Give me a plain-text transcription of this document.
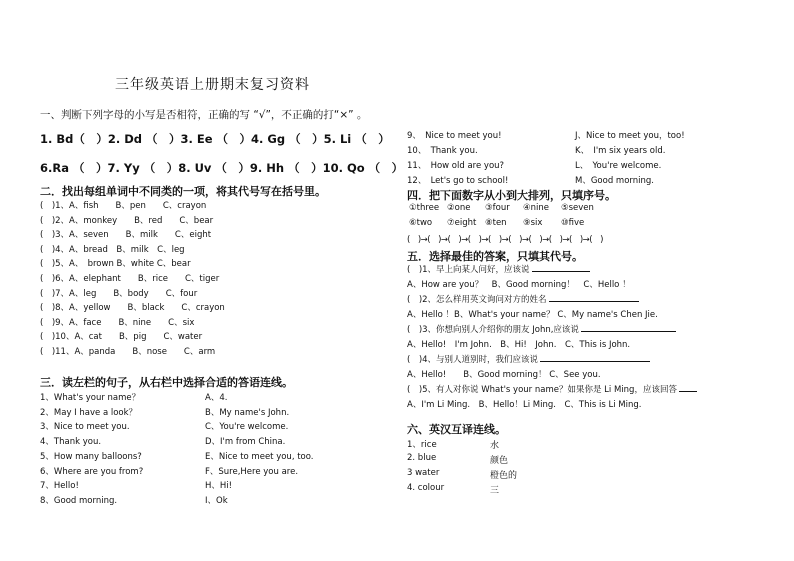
三年级英语上册期末复习资料
一、判断下列字母的小写是否相符，正确的写 “√”，不正确的打“×” 。
1. Bd（　）2. Dd （　）3. Ee （　）4. Gg （　）5. Li （　）
6.Ra （　）7. Yy （　）8. Uv （　）9. Hh （　）10. Qo （　）
二．找出每组单词中不同类的一项，将其代号写在括号里。
(　)1、A、fish　　B、pen　　C、crayon
(　)2、A、monkey　　B、red　　C、bear
(　)3、A、seven　　B、milk　　C、eight
(　)4、A、bread　B、milk　C、leg
(　)5、A、　brown B、white C、bear
(　)6、A、elephant　　B、rice　　C、tiger
(　)7、A、leg　　B、body　　C、four
(　)8、A、yellow　　B、black　　C、crayon
(　)9、A、face　　B、nine　　C、six
(　)10、A、cat　　B、pig　　C、water
(　)11、A、panda　　B、nose　　C、arm
三．读左栏的句子，从右栏中选择合适的答语连线。
1、What's your name？
2、May I have a look？
3、Nice to meet you.
4、Thank you.
5、How many balloons?
6、Where are you from?
7、Hello!
8、Good morning.
A、4.
B、My name's John.
C、You're welcome.
D、I'm from China.
E、Nice to meet you, too.
F、Sure,Here you are.
H、Hi!
I、Ok
9、　Nice to meet you!
10、　Thank you.
11、　How old are you?
12、　Let's go to school!
J、Nice to meet you，too!
K、　I'm six years old.
L、　You're welcome.
M、Good morning.
四．把下面数字从小到大排列，只填序号。
①three ②one ③four ④nine ⑤seven
⑥two ⑦eight ⑧ten ⑨six ⑩five
(　)→(　)→(　)→(　)→(　)→(　)→(　)→(　)→(　)→(　)
五．选择最佳的答案，只填其代号。
(　)1、早上向某人问好，应该说
A、How are you？　B、Good morning！　C、Hello ！
(　)2、怎么样用英文询问对方的姓名
A、Hello ！B、What's your name？ C、My name's Chen Jie.
(　)3、你想向别人介绍你的朋友 John,应该说
A、Hello!　I'm John.　B、Hi!　John.　C、This is John.
(　)4、与别人道别时，我们应该说
A、Hello!　　B、Good morning！ C、See you.
(　)5、有人对你说 What's your name？如果你是 Li Ming，应该回答
A、I'm Li Ming.　B、Hello！Li Ming.　C、This is Li Ming.
六、英汉互译连线。
1、rice
2. blue
3 water
4. colour
水
颜色
橙色的
三
